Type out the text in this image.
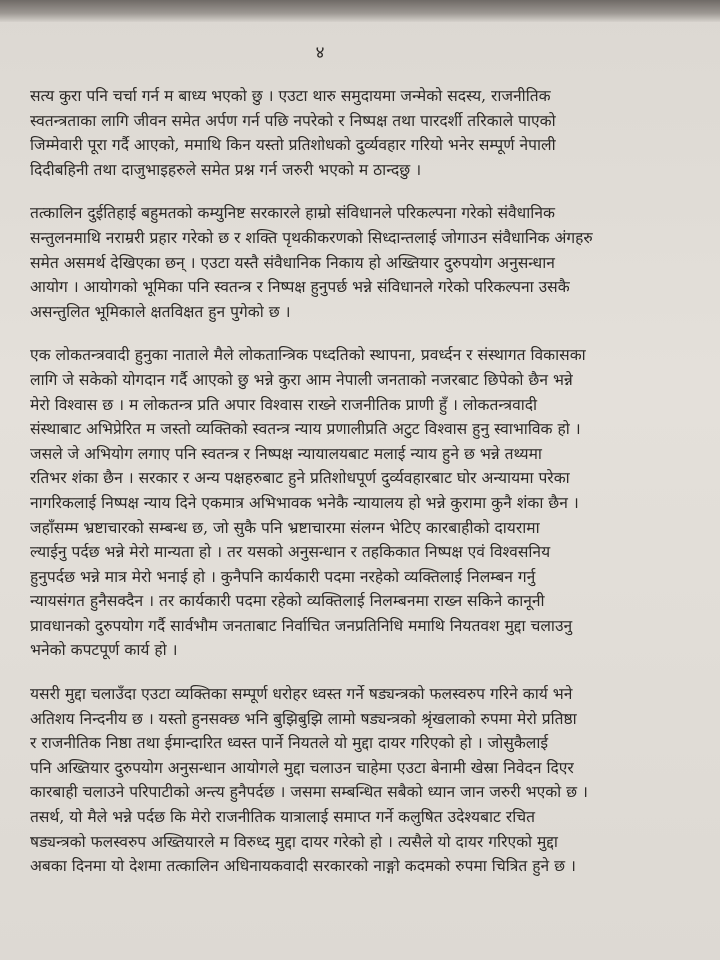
४
सत्य कुरा पनि चर्चा गर्न म बाध्य भएको छु । एउटा थारु समुदायमा जन्मेको सदस्य, राजनीतिक
स्वतन्त्रताका लागि जीवन समेत अर्पण गर्न पछि नपरेको र निष्पक्ष तथा पारदर्शी तरिकाले पाएको
जिम्मेवारी पूरा गर्दै आएको, ममाथि किन यस्तो प्रतिशोधको दुर्व्यवहार गरियो भनेर सम्पूर्ण नेपाली
दिदीबहिनी तथा दाजुभाइहरुले समेत प्रश्न गर्न जरुरी भएको म ठान्दछु ।
तत्कालिन दुईतिहाई बहुमतको कम्युनिष्ट सरकारले हाम्रो संविधानले परिकल्पना गरेको संवैधानिक
सन्तुलनमाथि नराम्ररी प्रहार गरेको छ र शक्ति पृथकीकरणको सिध्दान्तलाई जोगाउन संवैधानिक अंगहरु
समेत असमर्थ देखिएका छन् । एउटा यस्तै संवैधानिक निकाय हो अख्तियार दुरुपयोग अनुसन्धान
आयोग । आयोगको भूमिका पनि स्वतन्त्र र निष्पक्ष हुनुपर्छ भन्ने संविधानले गरेको परिकल्पना उसकै
असन्तुलित भूमिकाले क्षतविक्षत हुन पुगेको छ ।
एक लोकतन्त्रवादी हुनुका नाताले मैले लोकतान्त्रिक पध्दतिको स्थापना, प्रवर्ध्दन र संस्थागत विकासका
लागि जे सकेको योगदान गर्दै आएको छु भन्ने कुरा आम नेपाली जनताको नजरबाट छिपेको छैन भन्ने
मेरो विश्वास छ । म लोकतन्त्र प्रति अपार विश्वास राख्ने राजनीतिक प्राणी हुँ । लोकतन्त्रवादी
संस्थाबाट अभिप्रेरित म जस्तो व्यक्तिको स्वतन्त्र न्याय प्रणालीप्रति अटुट विश्वास हुनु स्वाभाविक हो ।
जसले जे अभियोग लगाए पनि स्वतन्त्र र निष्पक्ष न्यायालयबाट मलाई न्याय हुने छ भन्ने तथ्यमा
रतिभर शंका छैन । सरकार र अन्य पक्षहरुबाट हुने प्रतिशोधपूर्ण दुर्व्यवहारबाट घोर अन्यायमा परेका
नागरिकलाई निष्पक्ष न्याय दिने एकमात्र अभिभावक भनेकै न्यायालय हो भन्ने कुरामा कुनै शंका छैन ।
जहाँसम्म भ्रष्टाचारको सम्बन्ध छ, जो सुकै पनि भ्रष्टाचारमा संलग्न भेटिए कारबाहीको दायरामा
ल्याईनु पर्दछ भन्ने मेरो मान्यता हो । तर यसको अनुसन्धान र तहकिकात निष्पक्ष एवं विश्वसनिय
हुनुपर्दछ भन्ने मात्र मेरो भनाई हो । कुनैपनि कार्यकारी पदमा नरहेको व्यक्तिलाई निलम्बन गर्नु
न्यायसंगत हुनैसक्दैन । तर कार्यकारी पदमा रहेको व्यक्तिलाई निलम्बनमा राख्न सकिने कानूनी
प्रावधानको दुरुपयोग गर्दै सार्वभौम जनताबाट निर्वाचित जनप्रतिनिधि ममाथि नियतवश मुद्दा चलाउनु
भनेको कपटपूर्ण कार्य हो ।
यसरी मुद्दा चलाउँदा एउटा व्यक्तिका सम्पूर्ण धरोहर ध्वस्त गर्ने षड्यन्त्रको फलस्वरुप गरिने कार्य भने
अतिशय निन्दनीय छ । यस्तो हुनसक्छ भनि बुझिबुझि लामो षड्यन्त्रको श्रृंखलाको रुपमा मेरो प्रतिष्ठा
र राजनीतिक निष्ठा तथा ईमान्दारित ध्वस्त पार्ने नियतले यो मुद्दा दायर गरिएको हो । जोसुकैलाई
पनि अख्तियार दुरुपयोग अनुसन्धान आयोगले मुद्दा चलाउन चाहेमा एउटा बेनामी खेस्रा निवेदन दिएर
कारबाही चलाउने परिपाटीको अन्त्य हुनैपर्दछ । जसमा सम्बन्धित सबैको ध्यान जान जरुरी भएको छ ।
तसर्थ, यो मैले भन्ने पर्दछ कि मेरो राजनीतिक यात्रालाई समाप्त गर्ने कलुषित उदेश्यबाट रचित
षड्यन्त्रको फलस्वरुप अख्तियारले म विरुध्द मुद्दा दायर गरेको हो । त्यसैले यो दायर गरिएको मुद्दा
अबका दिनमा यो देशमा तत्कालिन अधिनायकवादी सरकारको नाङ्गो कदमको रुपमा चित्रित हुने छ ।
